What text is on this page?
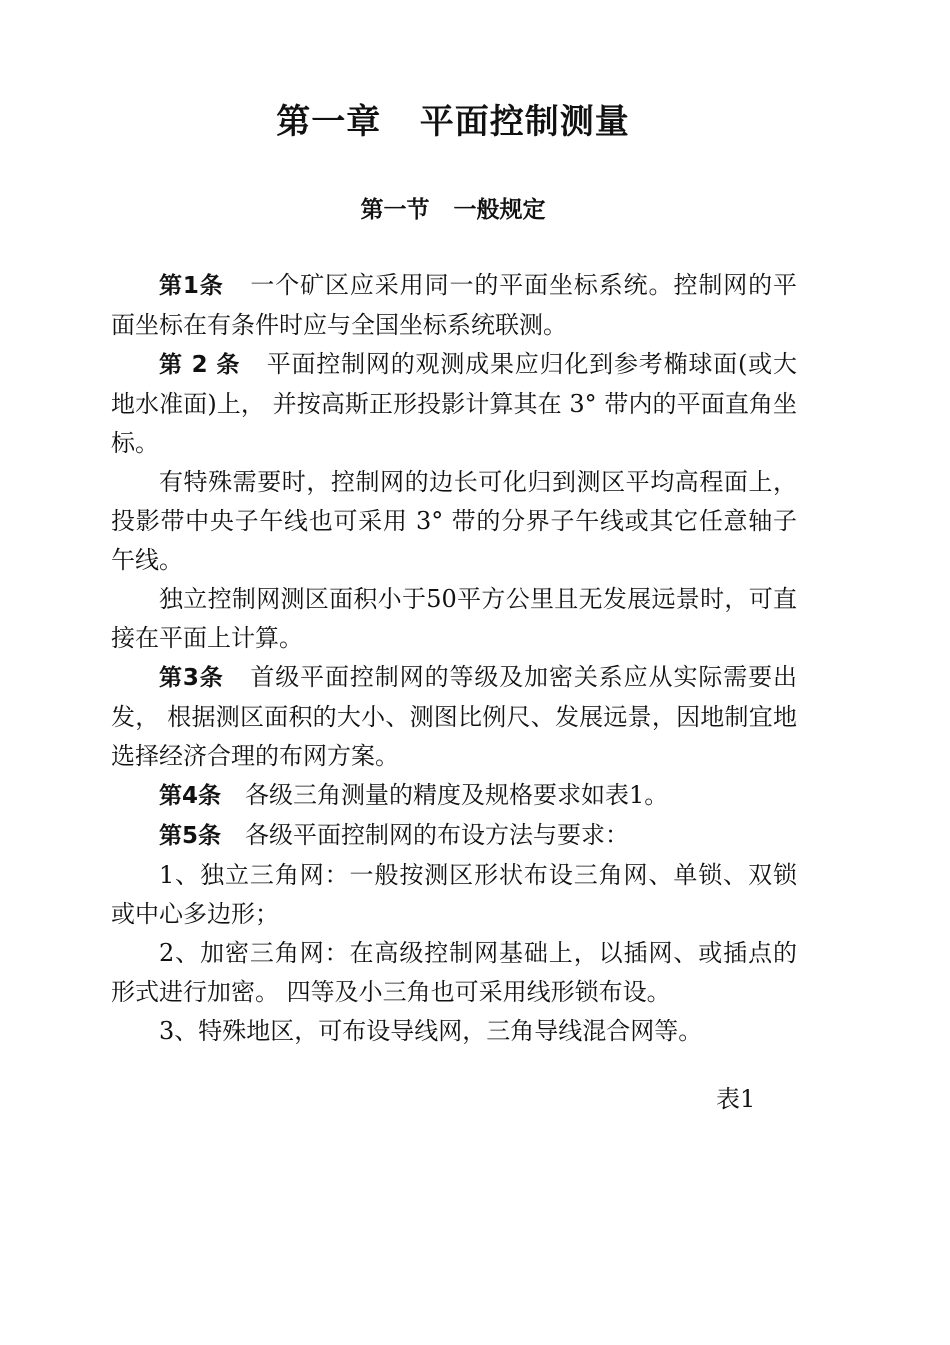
第一章   平面控制测量
第一节   一般规定

第1条   一个矿区应采用同一的平面坐标系统。控制网的平面坐标在有条件时应与全国坐标系统联测。

第 2 条   平面控制网的观测成果应归化到参考椭球面(或大地水准面)上， 并按高斯正形投影计算其在 3° 带内的平面直角坐标。

有特殊需要时，控制网的边长可化归到测区平均高程面上，投影带中央子午线也可采用 3° 带的分界子午线或其它任意轴子午线。

独立控制网测区面积小于50平方公里且无发展远景时，可直接在平面上计算。

第3条   首级平面控制网的等级及加密关系应从实际需要出发， 根据测区面积的大小、测图比例尺、发展远景，因地制宜地选择经济合理的布网方案。

第4条   各级三角测量的精度及规格要求如表1。

第5条   各级平面控制网的布设方法与要求：

1、独立三角网：一般按测区形状布设三角网、单锁、双锁或中心多边形；

2、加密三角网：在高级控制网基础上，以插网、或插点的形式进行加密。 四等及小三角也可采用线形锁布设。

3、特殊地区，可布设导线网，三角导线混合网等。

表1
